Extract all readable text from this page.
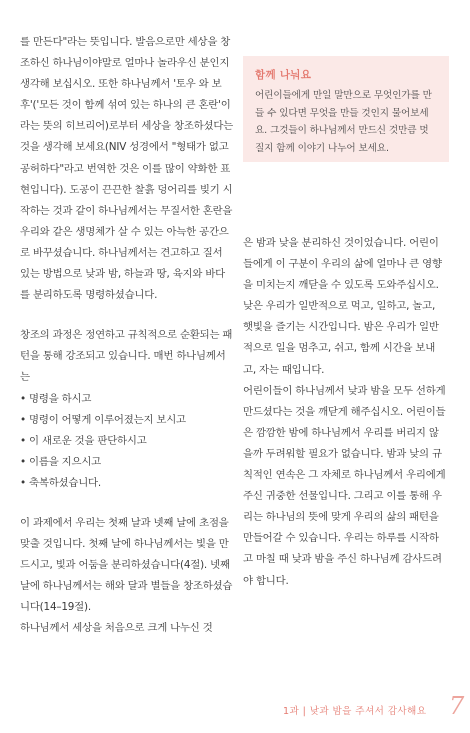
를 만든다"라는 뜻입니다. 발음으로만 세상을 창조하신 하나님이야말로 얼마나 놀라우신 분인지 생각해 보십시오. 또한 하나님께서 '토우 와 보후'('모든 것이 함께 섞여 있는 하나의 큰 혼란'이라는 뜻의 히브리어)로부터 세상을 창조하셨다는 것을 생각해 보세요(NIV 성경에서 "형태가 없고 공허하다"라고 번역한 것은 이를 많이 약화한 표현입니다). 도공이 끈끈한 찰흙 덩어리를 빚기 시작하는 것과 같이 하나님께서는 무질서한 혼란을 우리와 같은 생명체가 살 수 있는 아늑한 공간으로 바꾸셨습니다. 하나님께서는 견고하고 질서 있는 방법으로 낮과 밤, 하늘과 땅, 육지와 바다를 분리하도록 명령하셨습니다.

창조의 과정은 정연하고 규칙적으로 순환되는 패턴을 통해 강조되고 있습니다. 매번 하나님께서는

• 명령을 하시고
• 명령이 어떻게 이루어졌는지 보시고
• 이 새로운 것을 판단하시고
• 이름을 지으시고
• 축복하셨습니다.

이 과제에서 우리는 첫째 날과 넷째 날에 초점을 맞출 것입니다. 첫째 날에 하나님께서는 빛을 만드시고, 빛과 어둠을 분리하셨습니다(4절). 넷째 날에 하나님께서는 해와 달과 별들을 창조하셨습니다(14–19절).

하나님께서 세상을 처음으로 크게 나누신 것

함께 나눠요

어린이들에게 만일 말만으로 무엇인가를 만들 수 있다면 무엇을 만들 것인지 물어보세요. 그것들이 하나님께서 만드신 것만큼 멋질지 함께 이야기 나누어 보세요.

은 밤과 낮을 분리하신 것이었습니다. 어린이들에게 이 구분이 우리의 삶에 얼마나 큰 영향을 미치는지 깨닫을 수 있도록 도와주십시오. 낮은 우리가 일반적으로 먹고, 일하고, 놀고, 햇빛을 즐기는 시간입니다. 밤은 우리가 일반적으로 일을 멈추고, 쉬고, 함께 시간을 보내고, 자는 때입니다.

어린이들이 하나님께서 낮과 밤을 모두 선하게 만드셨다는 것을 깨닫게 해주십시오. 어린이들은 깜깜한 밤에 하나님께서 우리를 버리지 않을까 두려워할 필요가 없습니다. 밤과 낮의 규칙적인 연속은 그 자체로 하나님께서 우리에게 주신 귀중한 선물입니다. 그리고 이를 통해 우리는 하나님의 뜻에 맞게 우리의 삶의 패턴을 만들어갈 수 있습니다. 우리는 하루를 시작하고 마칠 때 낮과 밤을 주신 하나님께 감사드려야 합니다.

1과 | 낮과 밤을 주셔서 감사해요 7
